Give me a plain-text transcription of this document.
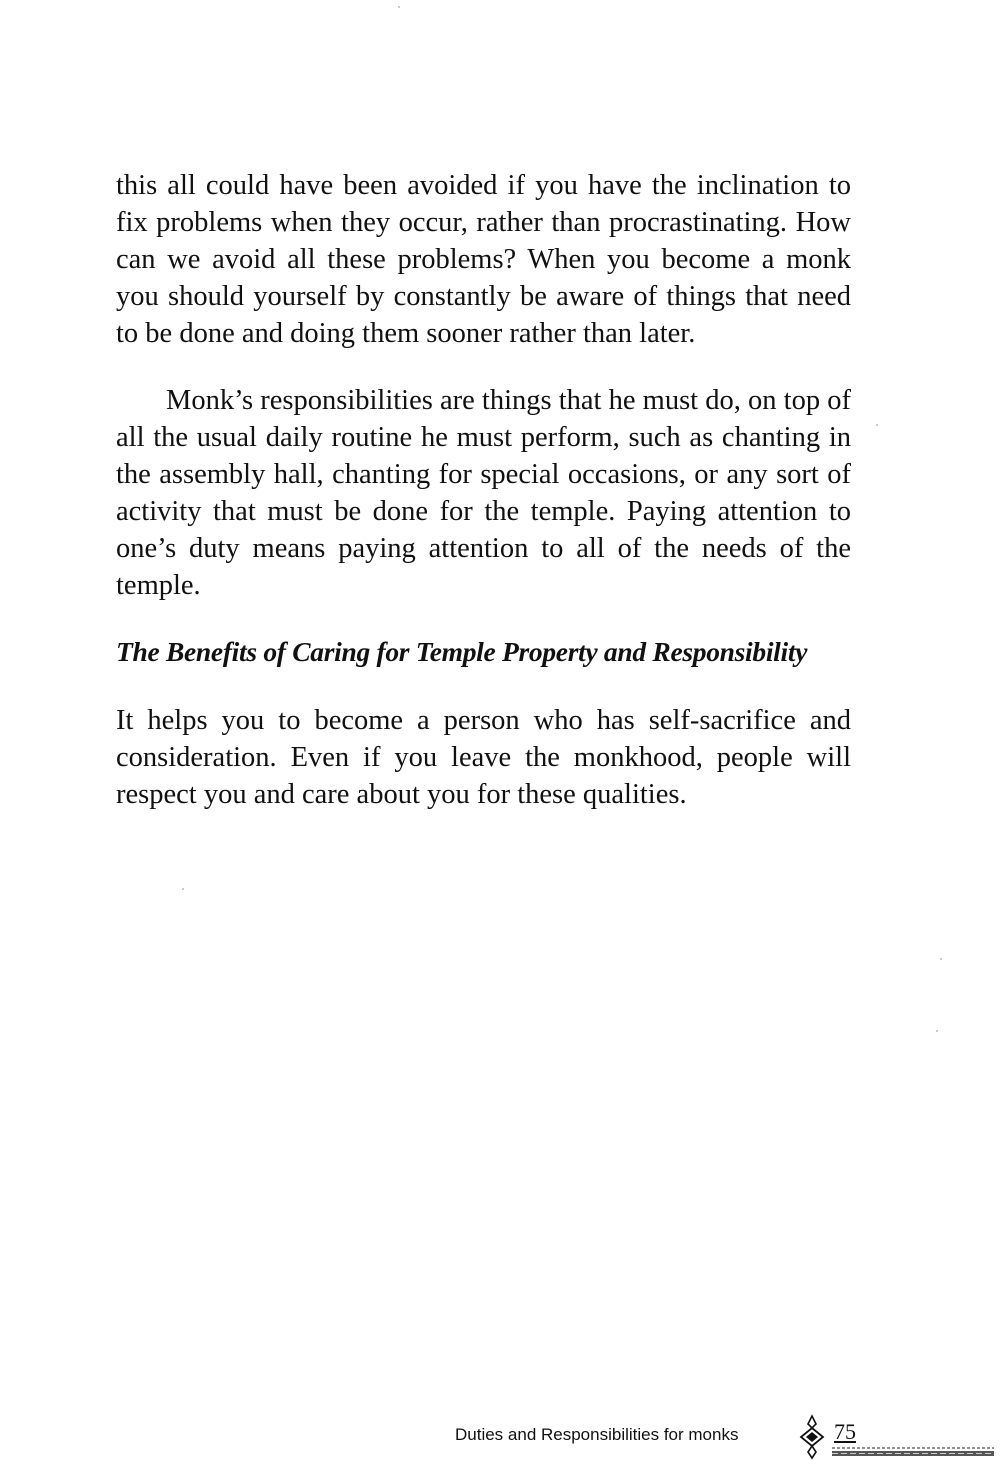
this all could have been avoided if you have the inclination to fix problems when they occur, rather than procrastinating. How can we avoid all these problems? When you become a monk you should yourself by constantly be aware of things that need to be done and doing them sooner rather than later.

Monk’s responsibilities are things that he must do, on top of all the usual daily routine he must perform, such as chanting in the assembly hall, chanting for special occasions, or any sort of activity that must be done for the temple. Paying attention to one’s duty means paying attention to all of the needs of the temple.

The Benefits of Caring for Temple Property and Responsibility

It helps you to become a person who has self-sacrifice and consideration. Even if you leave the monkhood, people will respect you and care about you for these qualities.

Duties and Responsibilities for monks	75
